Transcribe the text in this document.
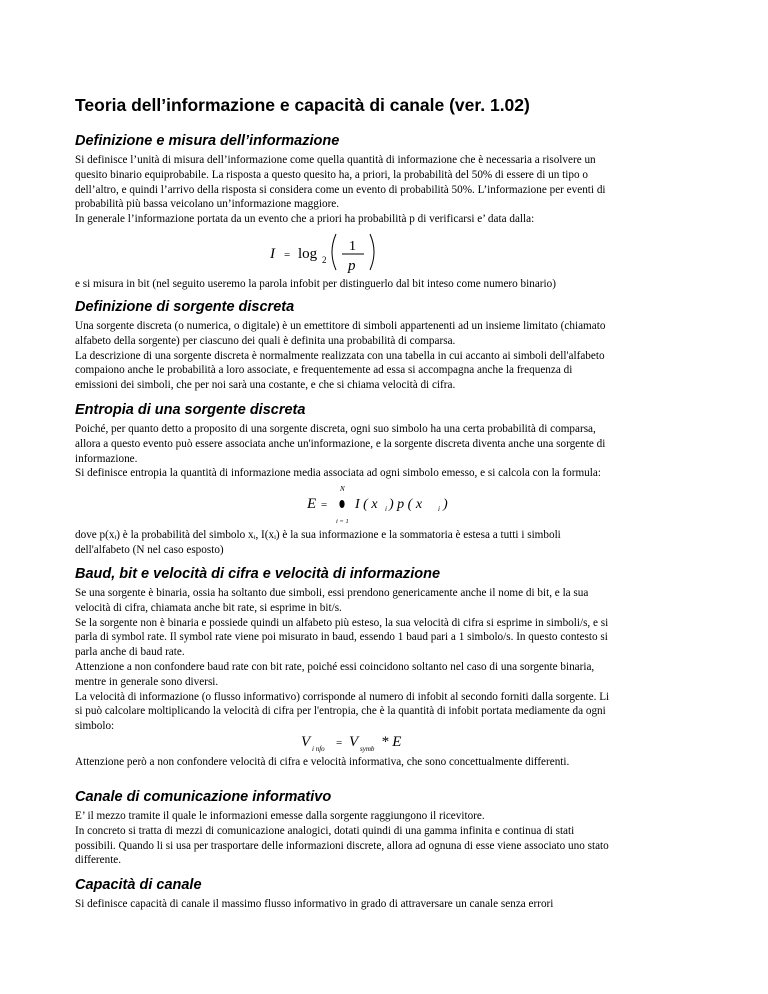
Teoria dell’informazione e capacità di canale (ver. 1.02)
Definizione e misura dell’informazione
Si definisce l’unità di misura dell’informazione come quella quantità di informazione che è necessaria a risolvere un
quesito binario equiprobabile. La risposta a questo quesito ha, a priori, la probabilità del 50% di essere di un tipo o
dell’altro, e quindi l’arrivo della risposta si considera come un evento di probabilità 50%. L’informazione per eventi di
probabilità più bassa veicolano un’informazione maggiore.
In generale l’informazione portata da un evento che a priori ha probabilità p di verificarsi e’ data dalla:
I = log 2
1
p

e si misura in bit (nel seguito useremo la parola infobit per distinguerlo dal bit inteso come numero binario)

Definizione di sorgente discreta
Una sorgente discreta (o numerica, o digitale) è un emettitore di simboli appartenenti ad un insieme limitato (chiamato
alfabeto della sorgente) per ciascuno dei quali è definita una probabilità di comparsa.
La descrizione di una sorgente discreta è normalmente realizzata con una tabella in cui accanto ai simboli dell'alfabeto
compaiono anche le probabilità a loro associate, e frequentemente ad essa si accompagna anche la frequenza di
emissioni dei simboli, che per noi sarà una costante, e che si chiama velocità di cifra.
Entropia di una sorgente discreta
Poiché, per quanto detto a proposito di una sorgente discreta, ogni suo simbolo ha una certa probabilità di comparsa,
allora a questo evento può essere associata anche un'informazione, e la sorgente discreta diventa anche una sorgente di
informazione.
Si definisce entropia la quantità di informazione media associata ad ogni simbolo emesso, e si calcola con la formula:
N
E =
i = 1
I ( x i ) p ( x i )
dove p(xᵢ) è la probabilità del simbolo xᵢ, I(xᵢ) è la sua informazione e la sommatoria è estesa a tutti i simboli
dell'alfabeto (N nel caso esposto)
Baud, bit e velocità di cifra e velocità di informazione
Se una sorgente è binaria, ossia ha soltanto due simboli, essi prendono genericamente anche il nome di bit, e la sua
velocità di cifra, chiamata anche bit rate, si esprime in bit/s.
Se la sorgente non è binaria e possiede quindi un alfabeto più esteso, la sua velocità di cifra si esprime in simboli/s, e si
parla di symbol rate. Il symbol rate viene poi misurato in baud, essendo 1 baud pari a 1 simbolo/s. In questo contesto si
parla anche di baud rate.
Attenzione a non confondere baud rate con bit rate, poiché essi coincidono soltanto nel caso di una sorgente binaria,
mentre in generale sono diversi.
La velocità di informazione (o flusso informativo) corrisponde al numero di infobit al secondo forniti dalla sorgente. Li
si può calcolare moltiplicando la velocità di cifra per l'entropia, che è la quantità di infobit portata mediamente da ogni
simbolo:
V i nfo = V symb * E

Attenzione però a non confondere velocità di cifra e velocità informativa, che sono concettualmente differenti.

Canale di comunicazione informativo
E’ il mezzo tramite il quale le informazioni emesse dalla sorgente raggiungono il ricevitore.
In concreto si tratta di mezzi di comunicazione analogici, dotati quindi di una gamma infinita e continua di stati
possibili. Quando li si usa per trasportare delle informazioni discrete, allora ad ognuna di esse viene associato uno stato
differente.
Capacità di canale
Si definisce capacità di canale il massimo flusso informativo in grado di attraversare un canale senza errori
